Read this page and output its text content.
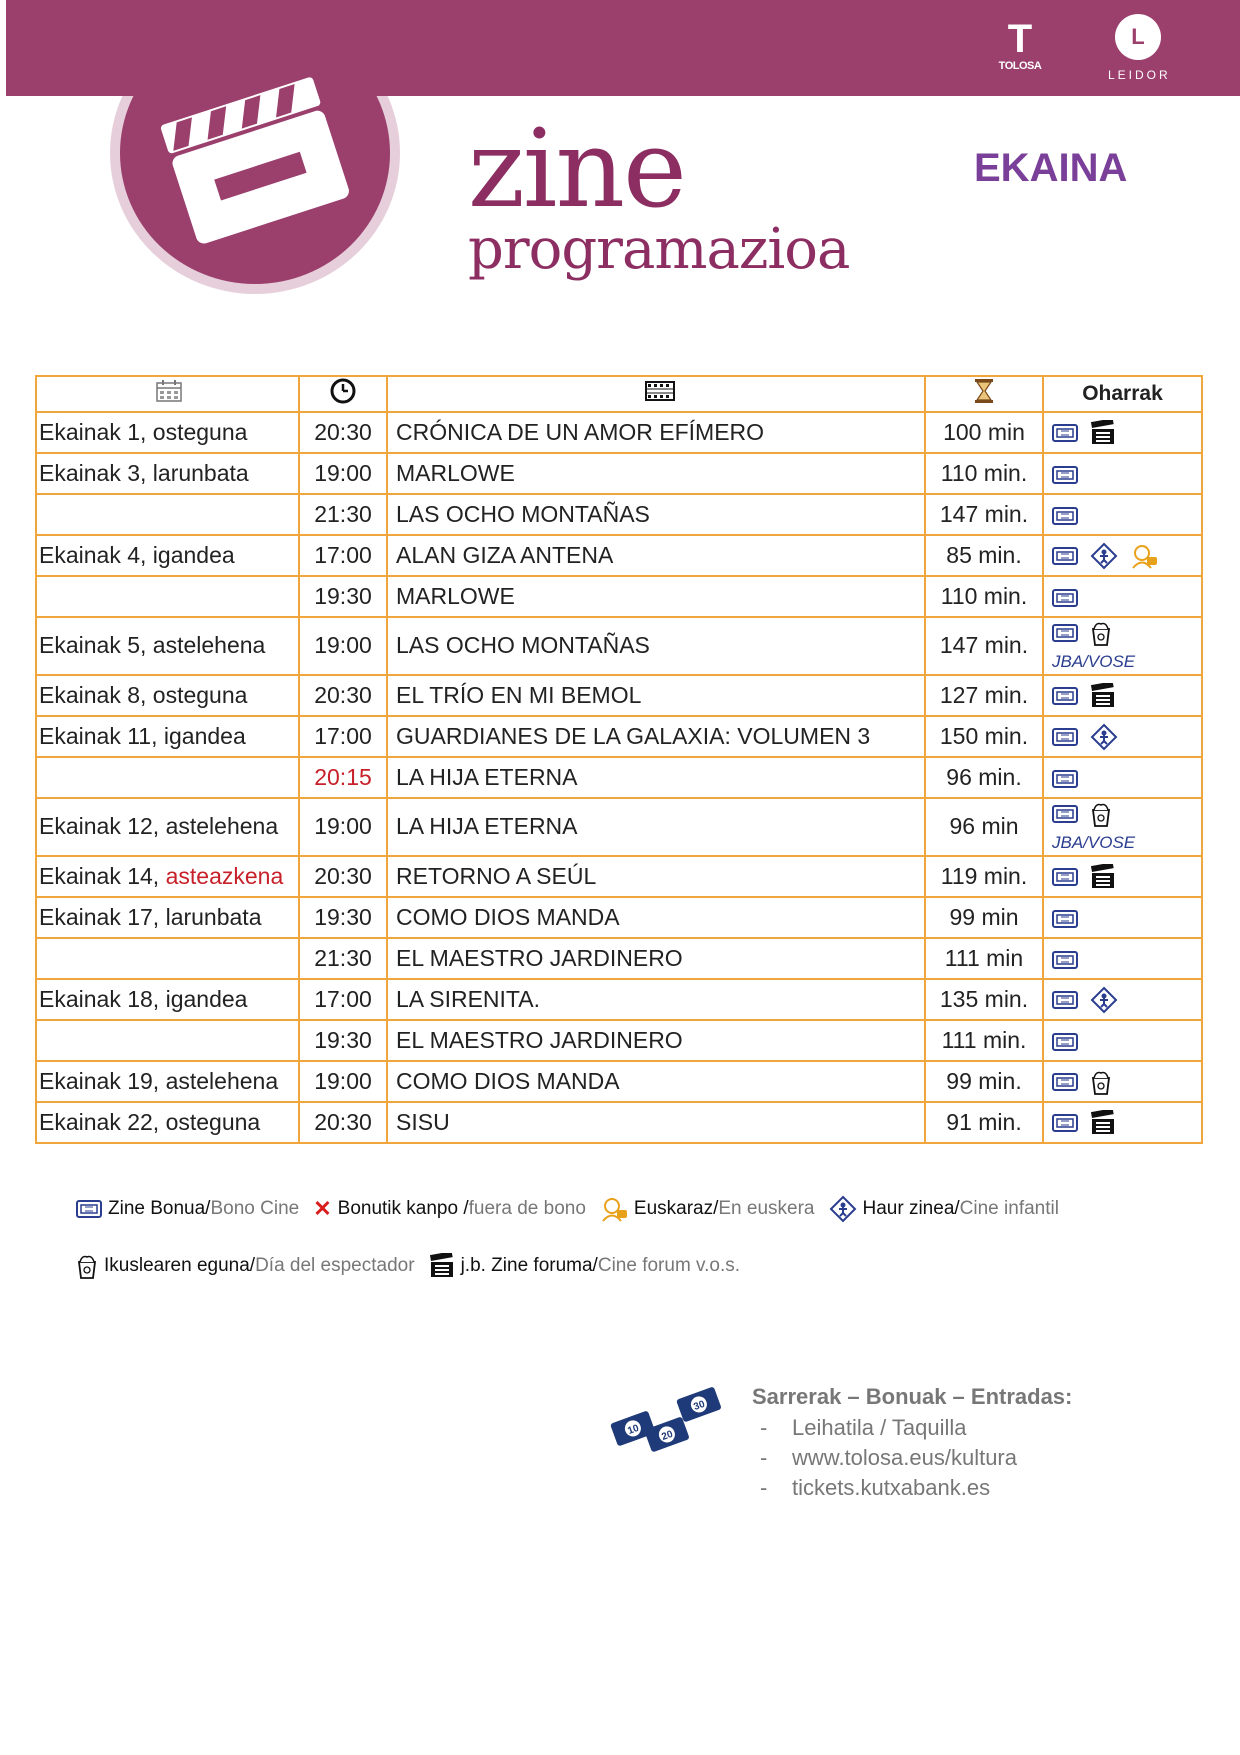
T
TOLOSA
L
LEIDOR
zine
programazioa
EKAINA
				Oharrak
Ekainak 1, osteguna	20:30	CRÓNICA DE UN AMOR EFÍMERO	100 min	
Ekainak 3, larunbata	19:00	MARLOWE	110 min.	
	21:30	LAS OCHO MONTAÑAS	147 min.	
Ekainak 4, igandea	17:00	ALAN GIZA ANTENA	85 min.	
	19:30	MARLOWE	110 min.	
Ekainak 5, astelehena	19:00	LAS OCHO MONTAÑAS	147 min.	JBA/VOSE
Ekainak 8, osteguna	20:30	EL TRÍO EN MI BEMOL	127 min.	
Ekainak 11, igandea	17:00	GUARDIANES DE LA GALAXIA: VOLUMEN 3	150 min.	
	20:15	LA HIJA ETERNA	96 min.	
Ekainak 12, astelehena	19:00	LA HIJA ETERNA	96 min	JBA/VOSE
Ekainak 14, asteazkena	20:30	RETORNO A SEÚL	119 min.	
Ekainak 17, larunbata	19:30	COMO DIOS MANDA	99 min	
	21:30	EL MAESTRO JARDINERO	111 min	
Ekainak 18, igandea	17:00	LA SIRENITA.	135 min.	
	19:30	EL MAESTRO JARDINERO	111 min.	
Ekainak 19, astelehena	19:00	COMO DIOS MANDA	99 min.	
Ekainak 22, osteguna	20:30	SISU	91 min.	
Zine Bonua/Bono Cine ✕ Bonutik kanpo /fuera de bono	Euskaraz/En euskera	Haur zinea/Cine infantil
Ikuslearen eguna/Día del espectador j.b. Zine foruma/Cine forum v.o.s.
10 20
30 Sarrerak – Bonuak – Entradas:
- Leihatila / Taquilla
- www.tolosa.eus/kultura
- tickets.kutxabank.es
